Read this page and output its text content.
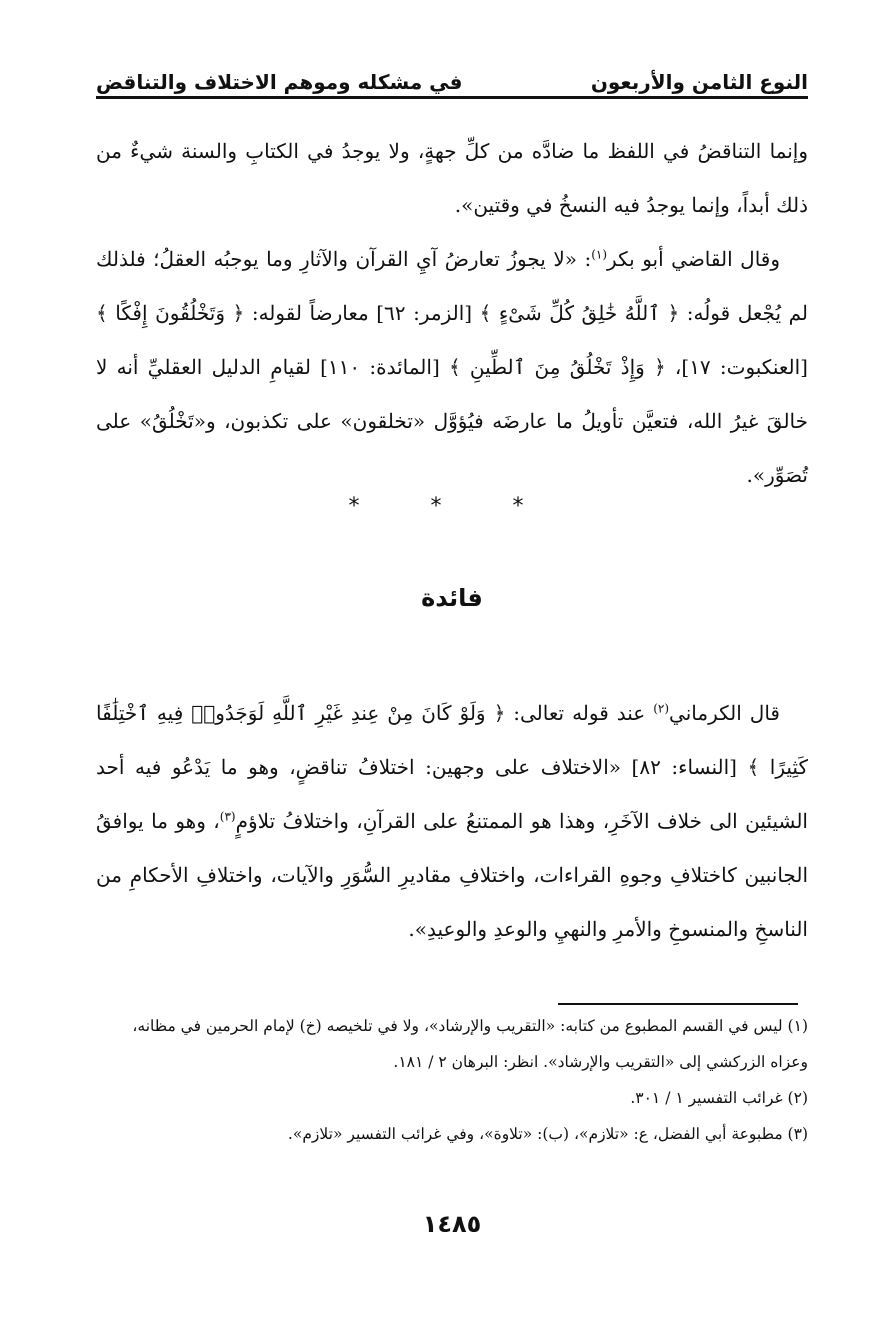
النوع الثامن والأربعون
في مشكله وموهم الاختلاف والتناقض

وإنما التناقضُ في اللفظ ما ضادَّه من كلِّ جهةٍ، ولا يوجدُ في الكتابِ والسنة شيءٌ من ذلك أبداً، وإنما يوجدُ فيه النسخُ في وقتين».

وقال القاضي أبو بكر$^{(١)}$: «لا يجوزُ تعارضُ آيِ القرآن والآثارِ وما يوجبُه العقلُ؛ فلذلك لم يُجْعل قولُه: ﴿ ٱللَّهُ خَٰلِقُ كُلِّ شَىْءٍ ﴾ [الزمر: ٦٢] معارضاً لقوله: ﴿ وَتَخْلُقُونَ إِفْكًا ﴾ [العنكبوت: ١٧]، ﴿ وَإِذْ تَخْلُقُ مِنَ ٱلطِّينِ ﴾ [المائدة: ١١٠] لقيامِ الدليل العقليِّ أنه لا خالقَ غيرُ الله، فتعيَّن تأويلُ ما عارضَه فيُؤوَّل «تخلقون» على تكذبون، و«تَخْلُقُ» على تُصَوِّر».

* * *
فائدة

قال الكرماني$^{(٢)}$ عند قوله تعالى: ﴿ وَلَوْ كَانَ مِنْ عِندِ غَيْرِ ٱللَّهِ لَوَجَدُوا۟ فِيهِ ٱخْتِلَٰفًا كَثِيرًا ﴾ [النساء: ٨٢] «الاختلاف على وجهين: اختلافُ تناقضٍ، وهو ما يَدْعُو فيه أحد الشيئين الى خلاف الآخَرِ، وهذا هو الممتنعُ على القرآنِ، واختلافُ تلاؤمٍ$^{(٣)}$، وهو ما يوافقُ الجانبين كاختلافِ وجوهِ القراءات، واختلافِ مقاديرِ السُّوَرِ والآيات، واختلافِ الأحكامِ من الناسخِ والمنسوخِ والأمرِ والنهيِ والوعدِ والوعيدِ».

(١) ليس في القسم المطبوع من كتابه: «التقريب والإرشاد»، ولا في تلخيصه (خ) لإمام الحرمين في مظانه، وعزاه الزركشي إلى «التقريب والإرشاد». انظر: البرهان ٢ / ١٨١.

(٢) غرائب التفسير ١ / ٣٠١.

(٣) مطبوعة أبي الفضل، ع: «تلازم»، (ب): «تلاوة»، وفي غرائب التفسير «تلازم».

١٤٨٥
